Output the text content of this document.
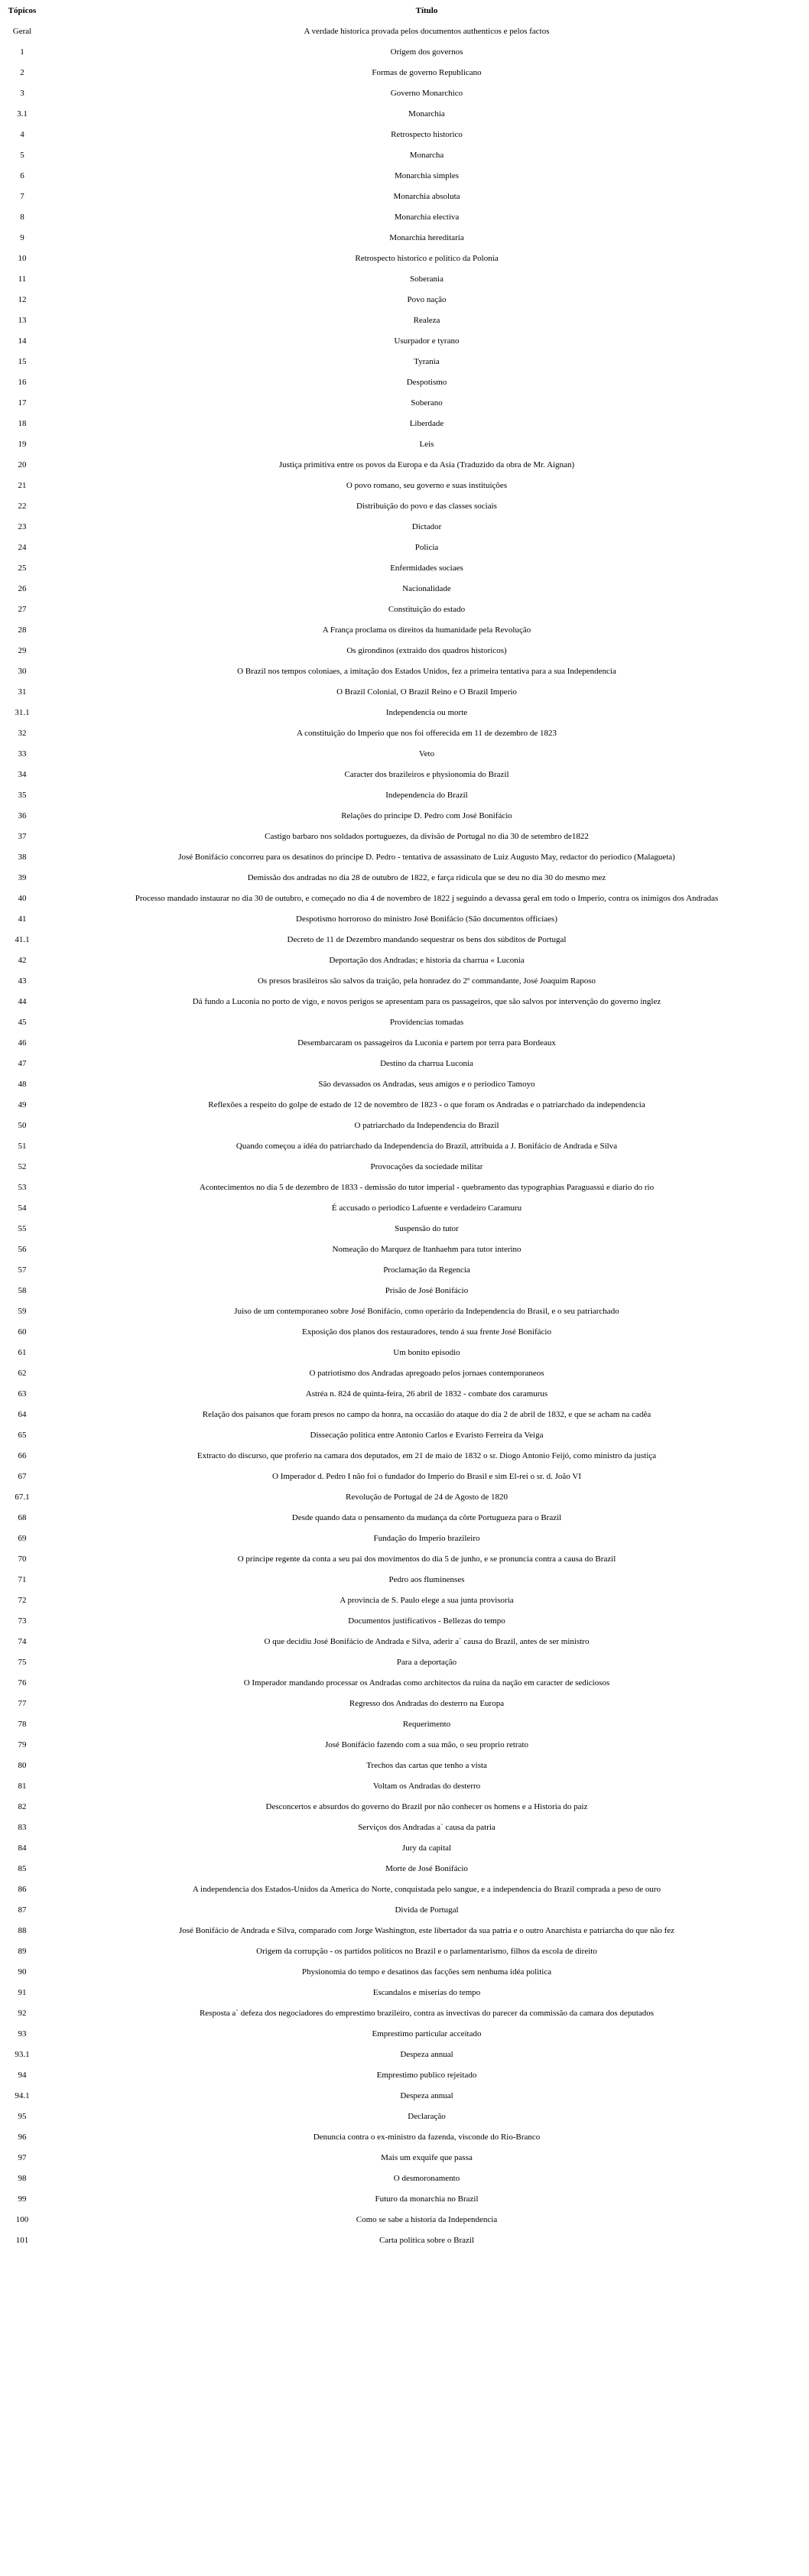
Tópicos	Título
Geral	A verdade historica provada pelos documentos authenticos e pelos factos
1	Origem dos governos
2	Formas de governo Republicano
3	Governo Monarchico
3.1	Monarchia
4	Retrospecto historico
5	Monarcha
6	Monarchia simples
7	Monarchia absoluta
8	Monarchia electiva
9	Monarchia hereditaria
10	Retrospecto historico e politico da Polonia
11	Soberania
12	Povo nação
13	Realeza
14	Usurpador e tyrano
15	Tyrania
16	Despotismo
17	Soberano
18	Liberdade
19	Leis
20	Justiça primitiva entre os povos da Europa e da Asia (Traduzido da obra de Mr. Aignan)
21	O povo romano, seu governo e suas instituições
22	Distribuição do povo e das classes sociais
23	Dictador
24	Policia
25	Enfermidades sociaes
26	Nacionalidade
27	Constituição do estado
28	A França proclama os direitos da humanidade pela Revolução
29	Os girondinos (extraido dos quadros historicos)
30	O Brazil nos tempos coloniaes, a imitação dos Estados Unidos, fez a primeira tentativa para a sua Independencia
31	O Brazil Colonial, O Brazil Reino e O Brazil Imperio
31.1	Independencia ou morte
32	A constituição do Imperio que nos foi offerecida em 11 de dezembro de 1823
33	Veto
34	Caracter dos brazileiros e physionomia do Brazil
35	Independencia do Brazil
36	Relações do principe D. Pedro com José Bonifácio
37	Castigo barbaro nos soldados portuguezes, da divisão de Portugal no dia 30 de setembro de1822
38	José Bonifácio concorreu para os desatinos do principe D. Pedro - tentativa de assassinato de Luiz Augusto May, redactor do periodico (Malagueta)
39	Demissão dos andradas no dia 28 de outubro de 1822, e farça ridícula que se deu no dia 30 do mesmo mez
40	Processo mandado instaurar no dia 30 de outubro, e começado no dia 4 de novembro de 1822 j seguindo a devassa geral em todo o Imperio, contra os inimigos dos Andradas
41	Despotismo horroroso do ministro José Bonifácio (São documentos officiaes)
41.1	Decreto de 11 de Dezembro mandando sequestrar os bens dos súbditos de Portugal
42	Deportação dos Andradas; e historia da charrua « Luconia
43	Os presos brasileiros são salvos da traição, pela honradez do 2º commandante, José Joaquim Raposo
44	Dá fundo a Luconia no porto de vigo, e novos perigos se apresentam para os passageiros, que são salvos por intervenção do governo inglez
45	Providencias tomadas
46	Desembarcaram os passageiros da Luconia e partem por terra para Bordeaux
47	Destino da charrua Luconia
48	São devassados os Andradas, seus amigos e o periodico Tamoyo
49	Reflexões a respeito do golpe de estado de 12 de novembro de 1823 - o que foram os Andradas e o patriarchado da independencia
50	O patriarchado da Independencia do Brazil
51	Quando começou a idéa do patriarchado da Independencia do Brazil, attribuida a J. Bonifácio de Andrada e Silva
52	Provocações da sociedade militar
53	Acontecimentos no dia 5 de dezembro de 1833 - demissão do tutor imperial - quebramento das typographias Paraguassú e diario do rio
54	É accusado o periodico Lafuente e verdadeiro Caramuru
55	Suspensão do tutor
56	Nomeação do Marquez de Itanhaehm para tutor interino
57	Proclamação da Regencia
58	Prisão de José Bonifácio
59	Juiso de um contemporaneo sobre José Bonifácio, como operário da Independencia do Brasil, e o seu patriarchado
60	Exposição dos planos dos restauradores, tendo á sua frente José Bonifácio
61	Um bonito episodio
62	O patriotismo dos Andradas apregoado pelos jornaes contemporaneos
63	Astréa n. 824 de quinta-feira, 26 abril de 1832 - combate dos caramurus
64	Relação dos paisanos que foram presos no campo da honra, na occasião do ataque do dia 2 de abril de 1832, e que se acham na cadêa
65	Dissecação politica entre Antonio Carlos e Evaristo Ferreira da Veiga
66	Extracto do discurso, que proferio na camara dos deputados, em 21 de maio de 1832 o sr. Diogo Antonio Feijó, como ministro da justiça
67	O Imperador d. Pedro I não foi o fundador do Imperio do Brasil e sim El-rei o sr. d. João VI
67.1	Revolução de Portugal de 24 de Agosto de 1820
68	Desde quando data o pensamento da mudança da côrte Portugueza para o Brazil
69	Fundação do Imperio brazileiro
70	O principe regente da conta a seu pai dos movimentos do dia 5 de junho, e se pronuncia contra a causa do Brazil
71	Pedro aos fluminenses
72	A provincia de S. Paulo elege a sua junta provisoria
73	Documentos justificativos - Bellezas do tempo
74	O que decidiu José Bonifácio de Andrada e Silva, aderir a` causa do Brazil, antes de ser ministro
75	Para a deportação
76	O Imperador mandando processar os Andradas como architectos da ruina da nação em caracter de sediciosos
77	Regresso dos Andradas do desterro na Europa
78	Requerimento
79	José Bonifácio fazendo com a sua mão, o seu proprio retrato
80	Trechos das cartas que tenho a vista
81	Voltam os Andradas do desterro
82	Desconcertos e absurdos do governo do Brazil por não conhecer os homens e a Historia do paiz
83	Serviços dos Andradas a` causa da patria
84	Jury da capital
85	Morte de José Bonifácio
86	A independencia dos Estados-Unidos da America do Norte, conquistada pelo sangue, e a independencia do Brazil comprada a peso de ouro
87	Divida de Portugal
88	José Bonifácio de Andrada e Silva, comparado com Jorge Washington, este libertador da sua patria e o outro Anarchista e patriarcha do que não fez
89	Origem da corrupção - os partidos politicos no Brazil e o parlamentarismo, filhos da escola de direito
90	Physionomia do tempo e desatinos das facções sem nenhuma idéa politica
91	Escandalos e miserias do tempo
92	Resposta a` defeza dos negociadores do emprestimo brazileiro, contra as invectivas do parecer da commissão da camara dos deputados
93	Emprestimo particular acceitado
93.1	Despeza annual
94	Emprestimo publico rejeitado
94.1	Despeza annual
95	Declaração
96	Denuncia contra o ex-ministro da fazenda, visconde do Rio-Branco
97	Mais um exquife que passa
98	O desmoronamento
99	Futuro da monarchia no Brazil
100	Como se sabe a historia da Independencia
101	Carta politica sobre o Brazil
